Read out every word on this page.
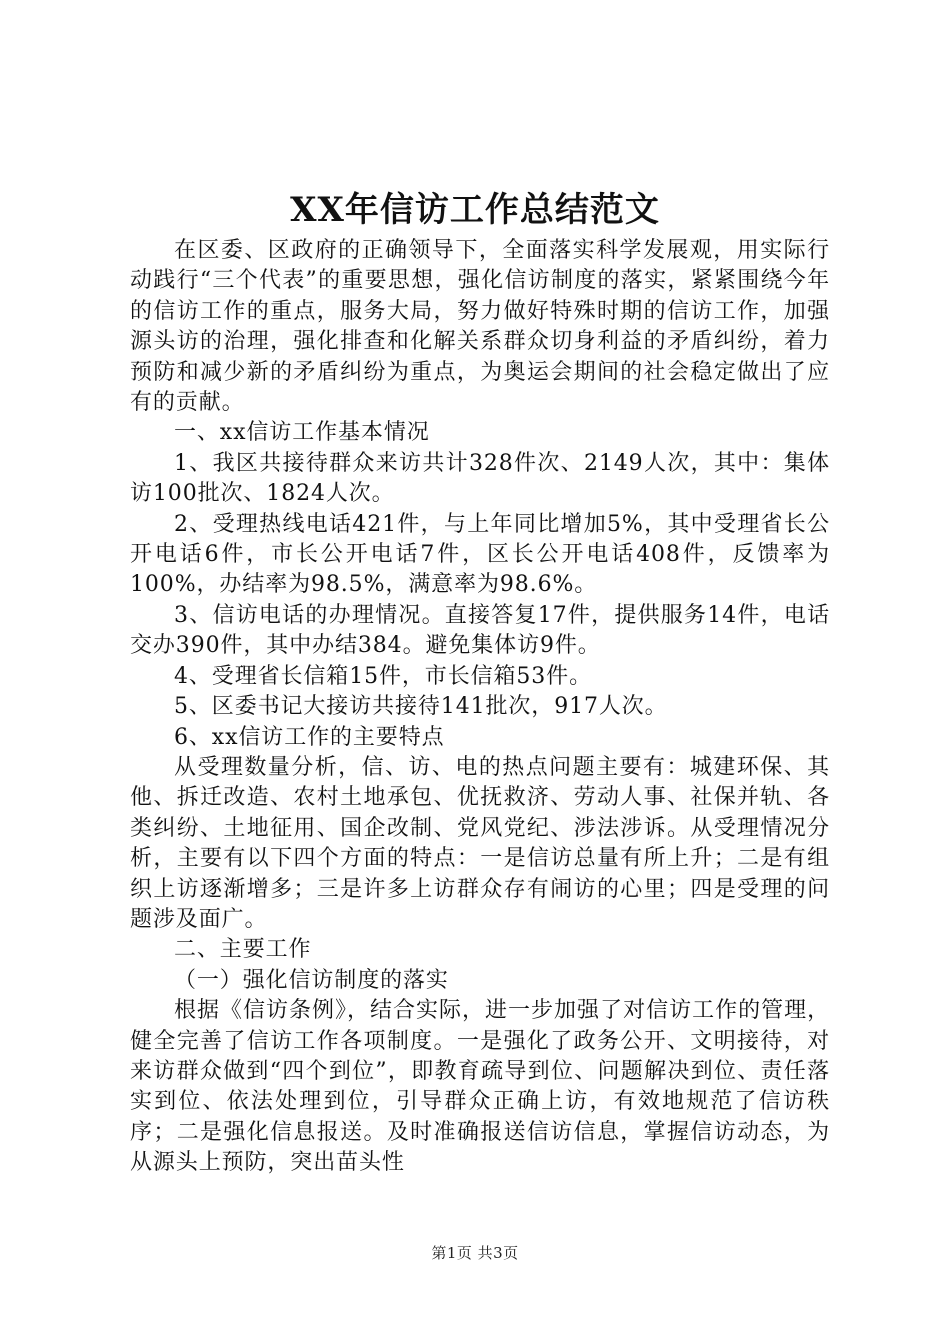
XX年信访工作总结范文

在区委、区政府的正确领导下，全面落实科学发展观，用实际行动践行“三个代表”的重要思想，强化信访制度的落实，紧紧围绕今年的信访工作的重点，服务大局，努力做好特殊时期的信访工作，加强源头访的治理，强化排查和化解关系群众切身利益的矛盾纠纷，着力预防和减少新的矛盾纠纷为重点，为奥运会期间的社会稳定做出了应有的贡献。

一、xx信访工作基本情况

1、我区共接待群众来访共计328件次、2149人次，其中：集体访100批次、1824人次。

2、受理热线电话421件，与上年同比增加5%，其中受理省长公开电话6件，市长公开电话7件，区长公开电话408件，反馈率为100%，办结率为98.5%，满意率为98.6%。

3、信访电话的办理情况。直接答复17件，提供服务14件，电话交办390件，其中办结384。避免集体访9件。

4、受理省长信箱15件，市长信箱53件。

5、区委书记大接访共接待141批次，917人次。

6、xx信访工作的主要特点

从受理数量分析，信、访、电的热点问题主要有：城建环保、其他、拆迁改造、农村土地承包、优抚救济、劳动人事、社保并轨、各类纠纷、土地征用、国企改制、党风党纪、涉法涉诉。从受理情况分析，主要有以下四个方面的特点：一是信访总量有所上升；二是有组织上访逐渐增多；三是许多上访群众存有闹访的心里；四是受理的问题涉及面广。

二、主要工作

（一）强化信访制度的落实

根据《信访条例》，结合实际，进一步加强了对信访工作的管理，健全完善了信访工作各项制度。一是强化了政务公开、文明接待，对来访群众做到“四个到位”，即教育疏导到位、问题解决到位、责任落实到位、依法处理到位，引导群众正确上访，有效地规范了信访秩序；二是强化信息报送。及时准确报送信访信息，掌握信访动态，为从源头上预防，突出苗头性

第1页 共3页
